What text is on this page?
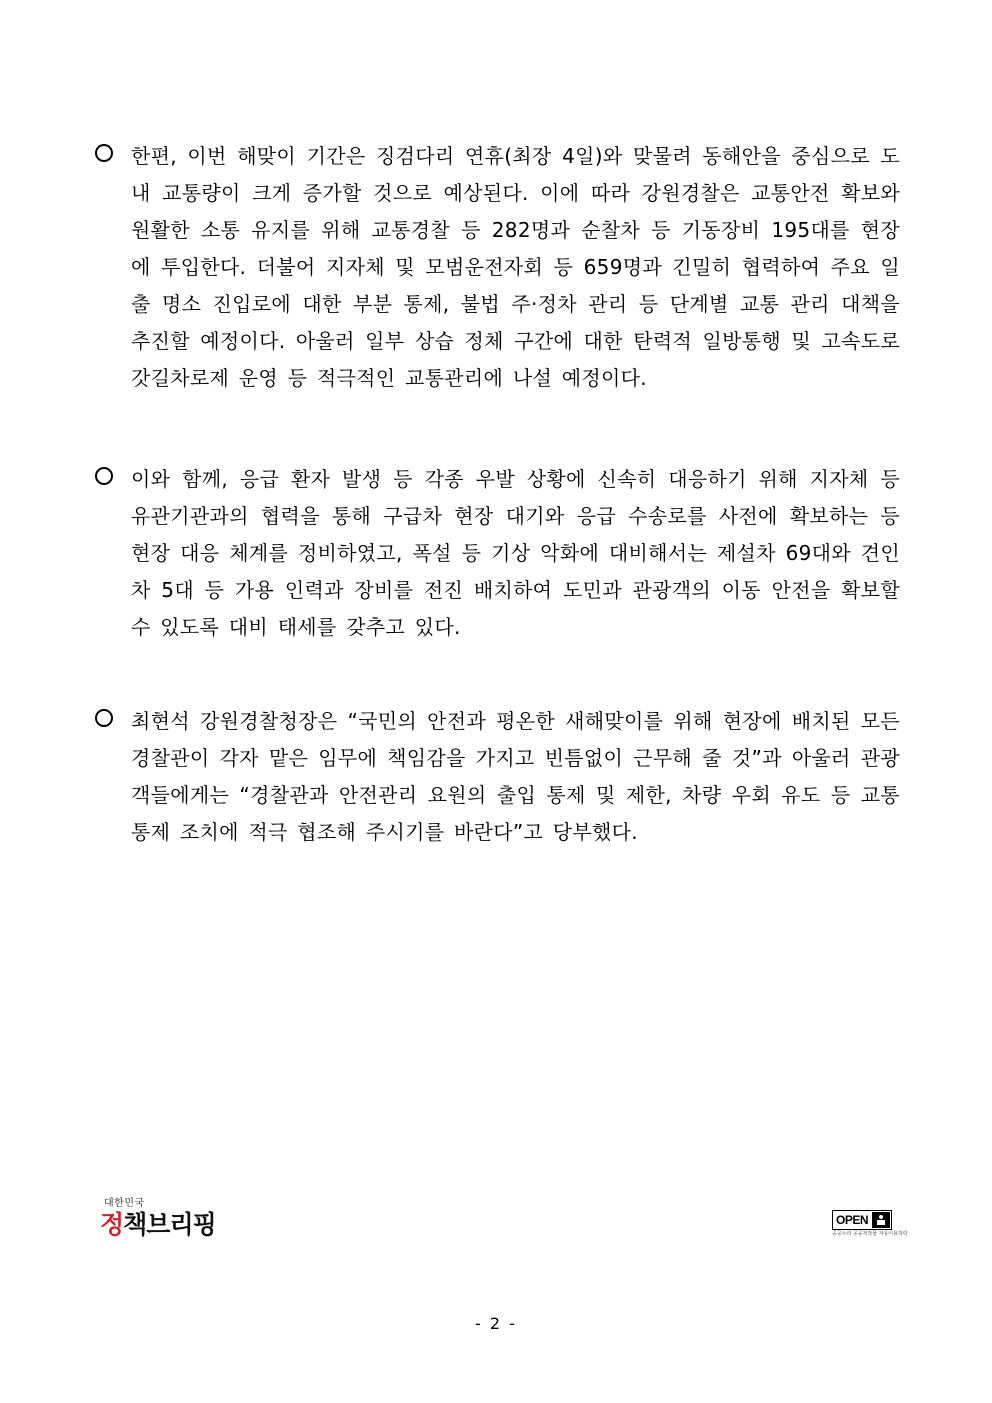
한편, 이번 해맞이 기간은 징검다리 연휴(최장 4일)와 맞물려 동해안을 중심으로 도내 교통량이 크게 증가할 것으로 예상된다. 이에 따라 강원경찰은 교통안전 확보와 원활한 소통 유지를 위해 교통경찰 등 282명과 순찰차 등 기동장비 195대를 현장에 투입한다. 더불어 지자체 및 모범운전자회 등 659명과 긴밀히 협력하여 주요 일출 명소 진입로에 대한 부분 통제, 불법 주·정차 관리 등 단계별 교통 관리 대책을 추진할 예정이다. 아울러 일부 상습 정체 구간에 대한 탄력적 일방통행 및 고속도로 갓길차로제 운영 등 적극적인 교통관리에 나설 예정이다.
이와 함께, 응급 환자 발생 등 각종 우발 상황에 신속히 대응하기 위해 지자체 등 유관기관과의 협력을 통해 구급차 현장 대기와 응급 수송로를 사전에 확보하는 등 현장 대응 체계를 정비하였고, 폭설 등 기상 악화에 대비해서는 제설차 69대와 견인차 5대 등 가용 인력과 장비를 전진 배치하여 도민과 관광객의 이동 안전을 확보할 수 있도록 대비 태세를 갖추고 있다.
최현석 강원경찰청장은 “국민의 안전과 평온한 새해맞이를 위해 현장에 배치된 모든 경찰관이 각자 맡은 임무에 책임감을 가지고 빈틈없이 근무해 줄 것”과 아울러 관광객들에게는 “경찰관과 안전관리 요원의 출입 통제 및 제한, 차량 우회 유도 등 교통 통제 조치에 적극 협조해 주시기를 바란다”고 당부했다.
대한민국
정책브리핑	OPEN
공공누리 공공저작물 자유이용허락
- 2 -
